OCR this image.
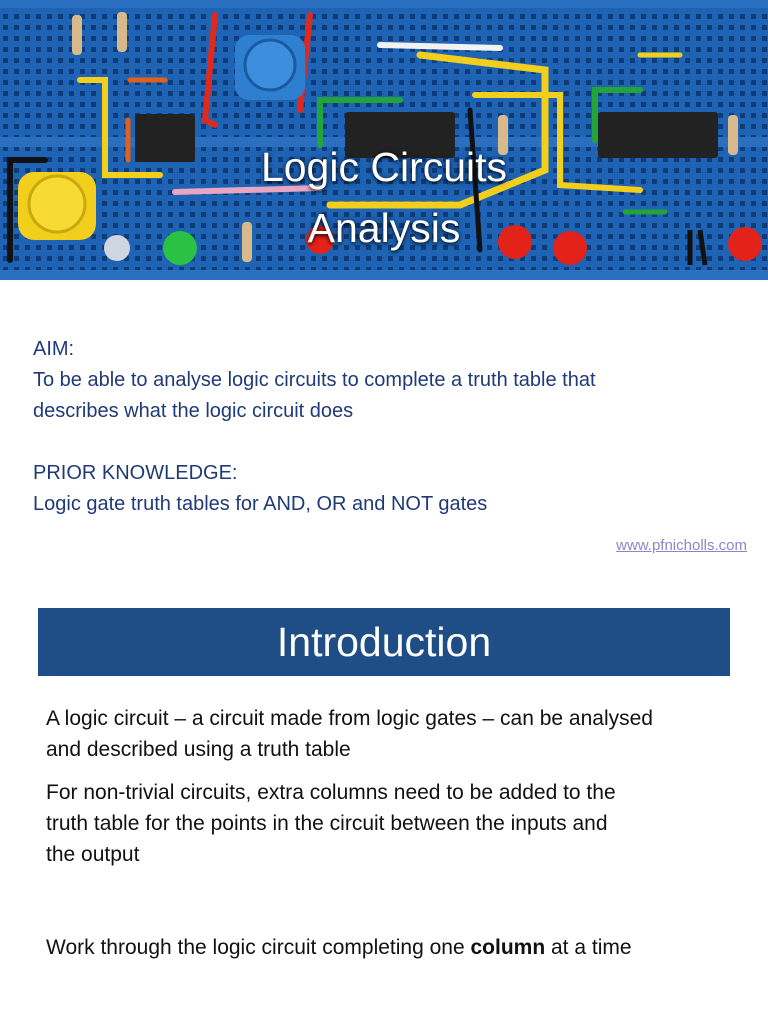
Logic Circuits
Analysis

AIM:

To be able to analyse logic circuits to complete a truth table that

describes what the logic circuit does

PRIOR KNOWLEDGE:

Logic gate truth tables for AND, OR and NOT gates

www.pfnicholls.com
Introduction

A logic circuit – a circuit made from logic gates – can be analysed
and described using a truth table

For non-trivial circuits, extra columns need to be added to the
truth table for the points in the circuit between the inputs and
the output

Work through the logic circuit completing one column at a time
